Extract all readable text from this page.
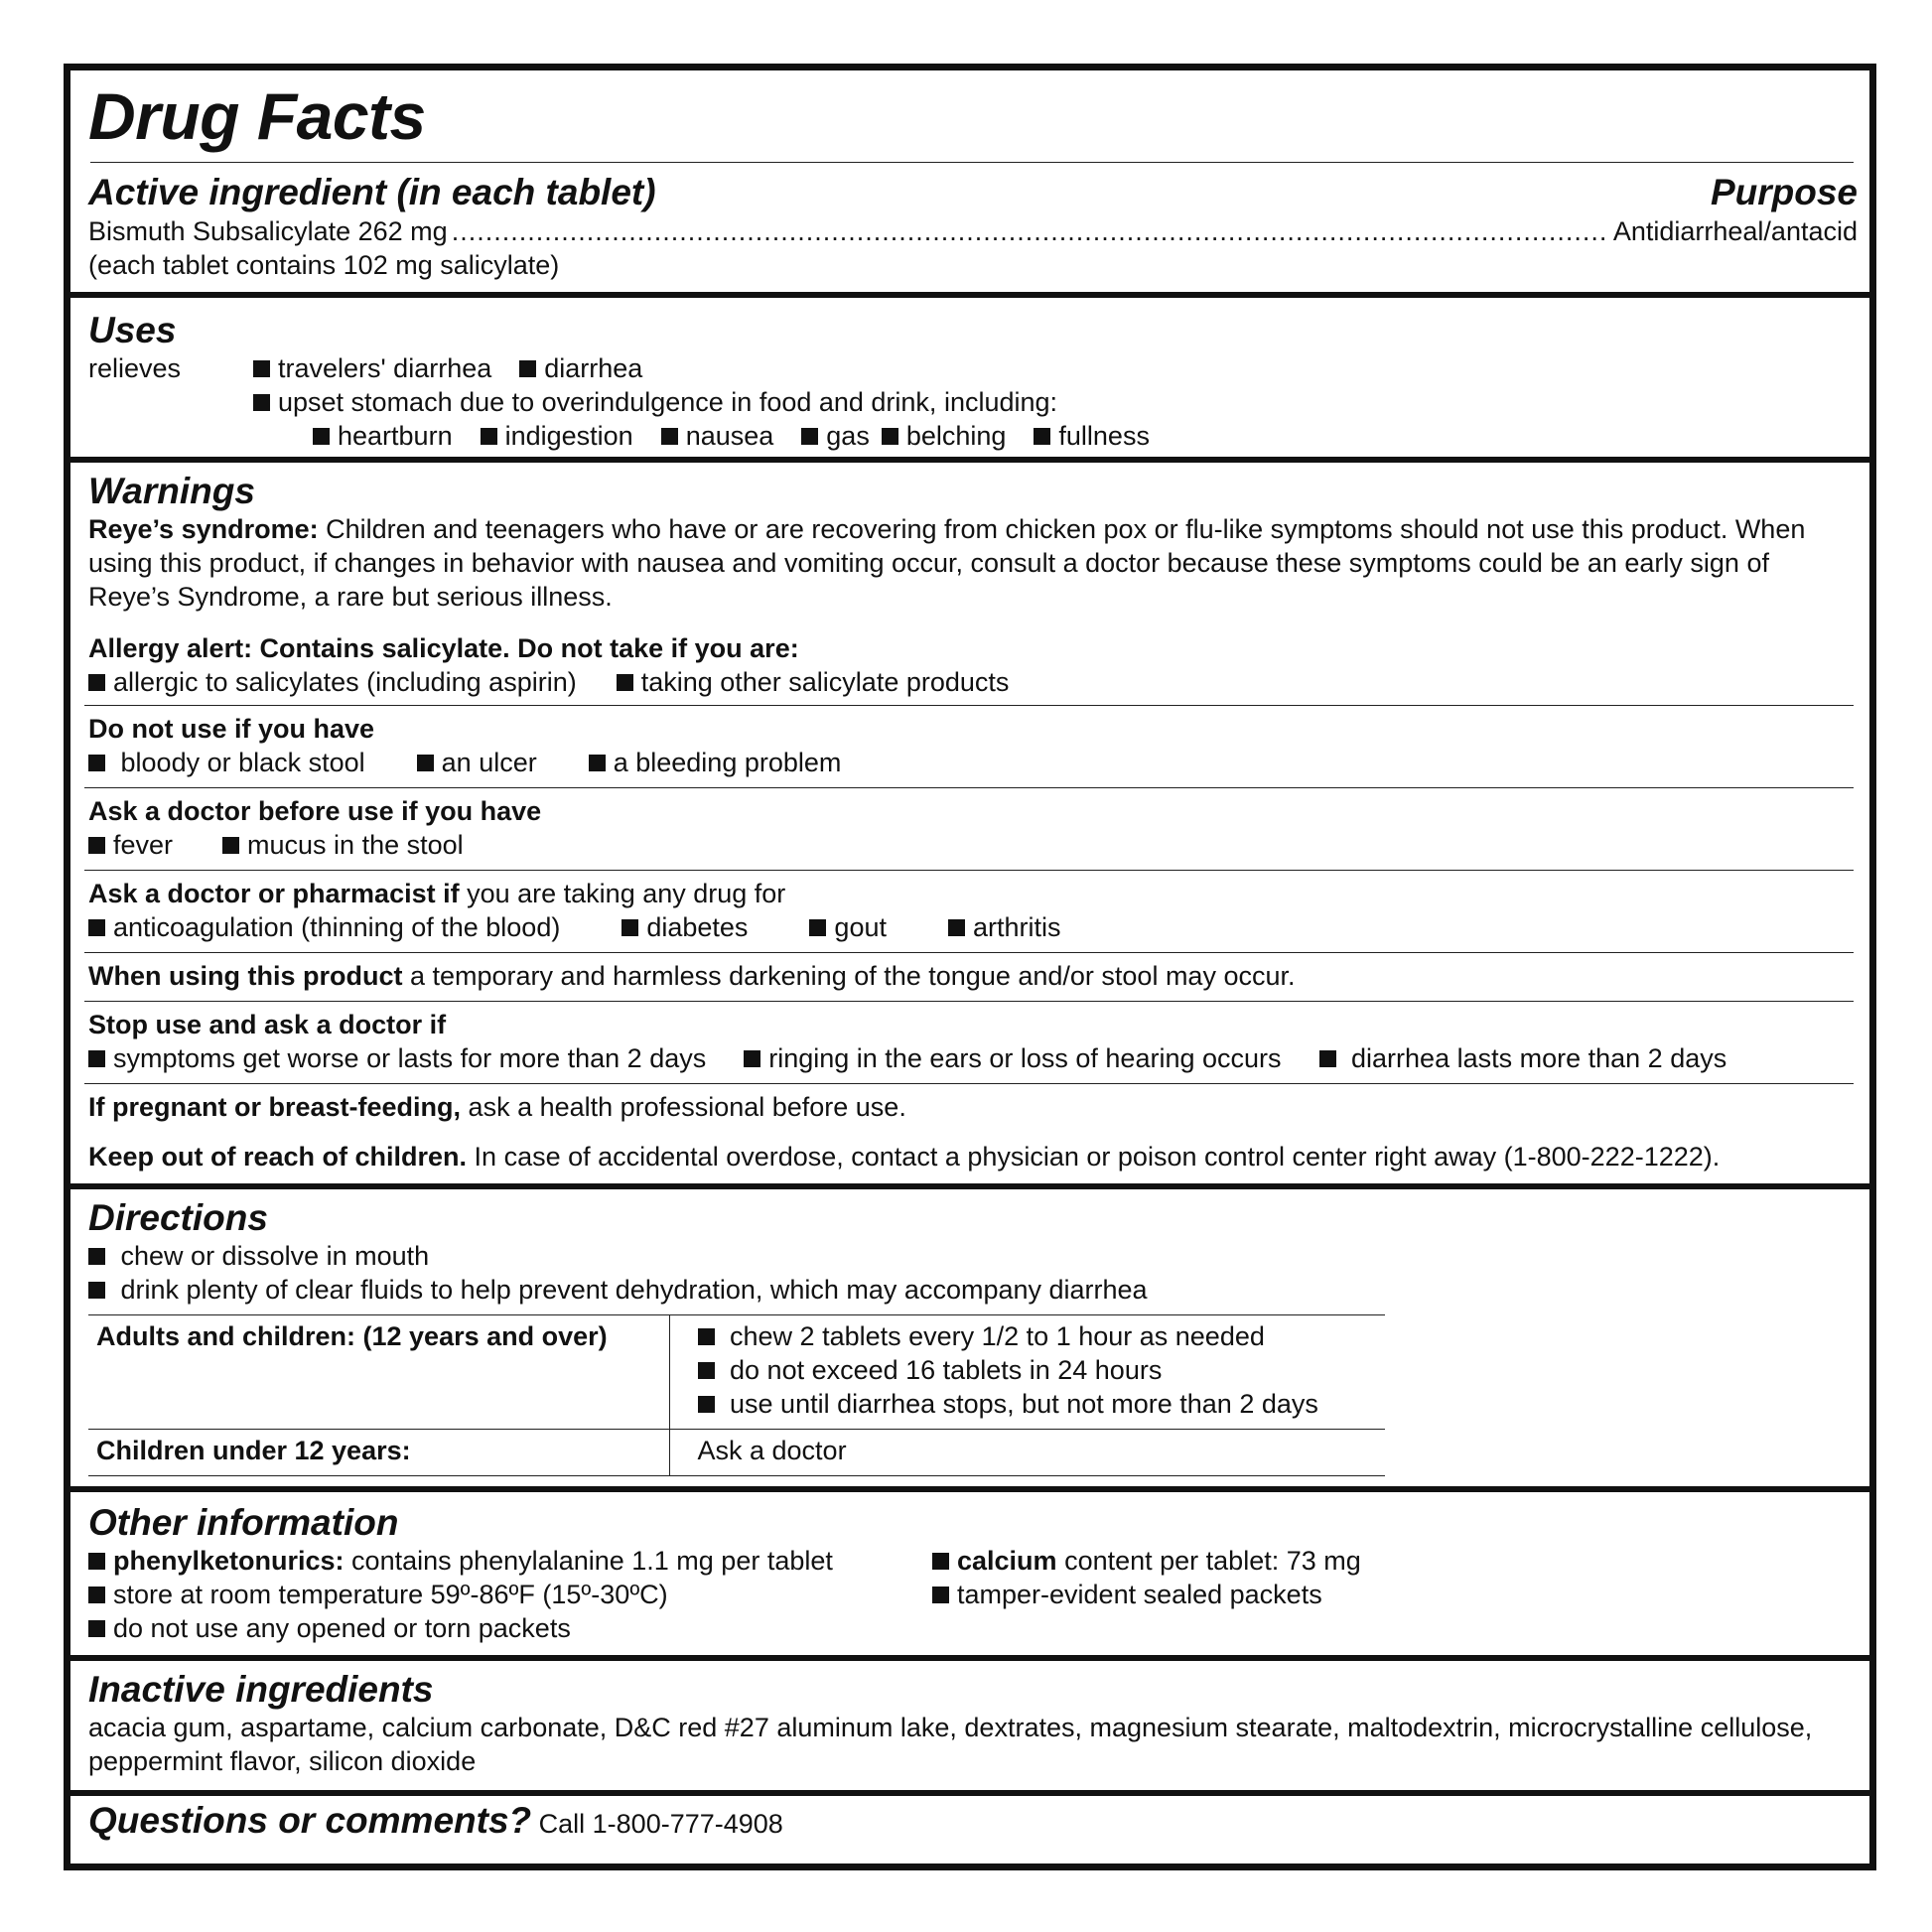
Drug Facts
Active ingredient (in each tablet)	Purpose
Bismuth Subsalicylate 262 mg .....	Antidiarrheal/antacid
(each tablet contains 102 mg salicylate)
Uses
relieves	travelers' diarrhea diarrhea
upset stomach due to overindulgence in food and drink, including:
heartburn indigestion nausea gas belching fullness
Warnings
Reye’s syndrome: Children and teenagers who have or are recovering from chicken pox or flu-like symptoms should not use this product. When using this product, if changes in behavior with nausea and vomiting occur, consult a doctor because these symptoms could be an early sign of Reye’s Syndrome, a rare but serious illness.
Allergy alert: Contains salicylate. Do not take if you are:
allergic to salicylates (including aspirin) taking other salicylate products
Do not use if you have
bloody or black stool	an ulcer	a bleeding problem
Ask a doctor before use if you have
fever	mucus in the stool
Ask a doctor or pharmacist if you are taking any drug for
anticoagulation (thinning of the blood)	diabetes	gout	arthritis
When using this product a temporary and harmless darkening of the tongue and/or stool may occur.
Stop use and ask a doctor if
symptoms get worse or lasts for more than 2 days ringing in the ears or loss of hearing occurs	diarrhea lasts more than 2 days
If pregnant or breast-feeding, ask a health professional before use.
Keep out of reach of children. In case of accidental overdose, contact a physician or poison control center right away (1-800-222-1222).
Directions
chew or dissolve in mouth
drink plenty of clear fluids to help prevent dehydration, which may accompany diarrhea
Adults and children: (12 years and over)	chew 2 tablets every 1/2 to 1 hour as needed
do not exceed 16 tablets in 24 hours
use until diarrhea stops, but not more than 2 days

Children under 12 years:	Ask a doctor
Other information
phenylketonurics: contains phenylalanine 1.1 mg per tablet	calcium content per tablet: 73 mg
store at room temperature 59º-86ºF (15º-30ºC)	tamper-evident sealed packets
do not use any opened or torn packets
Inactive ingredients
acacia gum, aspartame, calcium carbonate, D&C red #27 aluminum lake, dextrates, magnesium stearate, maltodextrin, microcrystalline cellulose, peppermint flavor, silicon dioxide
Questions or comments? Call 1-800-777-4908
